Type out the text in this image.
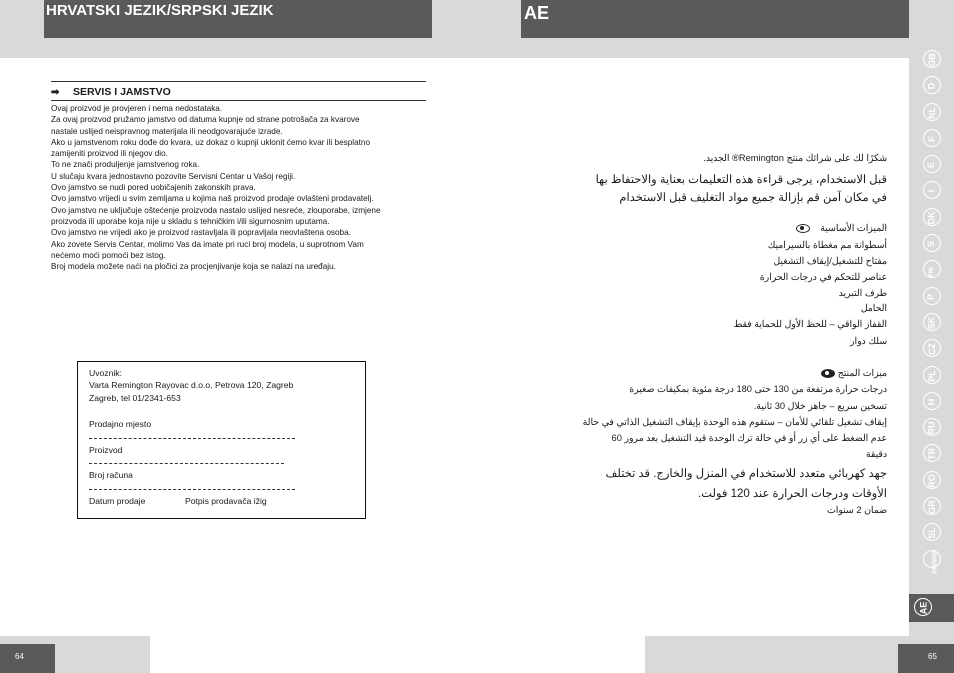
HRVATSKI JEZIK/SRPSKI JEZIK	AE
GB
D
NL
F
E
I
DK
S
FIN
P
SK
CZ
PL
H
RU
TR
RO
GR
SL
HR/SRB
AE
➡ SERVIS I JAMSTVO
Ovaj proizvod je provjeren i nema nedostataka.
Za ovaj proizvod pružamo jamstvo od datuma kupnje od strane potrošača za kvarove
nastale uslijed neispravnog materijala ili neodgovarajuće izrade.
Ako u jamstvenom roku dođe do kvara, uz dokaz o kupnji uklonit ćemo kvar ili besplatno
zamijeniti proizvod ili njegov dio.
To ne znači produljenje jamstvenog roka.
U slučaju kvara jednostavno pozovite Servisni Centar u Vašoj regiji.
Ovo jamstvo se nudi pored uobičajenih zakonskih prava.
Ovo jamstvo vrijedi u svim zemljama u kojima naš proizvod prodaje ovlašteni prodavatelj.
Ovo jamstvo ne uključuje oštećenje proizvoda nastalo uslijed nesreće, zlouporabe, izmjene
proizvoda ili uporabe koja nije u skladu s tehničkim i/ili sigurnosnim uputama.
Ovo jamstvo ne vrijedi ako je proizvod rastavljala ili popravljala neovlaštena osoba.
Ako zovete Servis Centar, molimo Vas da imate pri ruci broj modela, u suprotnom Vam
nećemo moći pomoći bez istog.
Broj modela možete naći na pločici za procjenjivanje koja se nalazi na uređaju.
Uvoznik:
Varta Remington Rayovac d.o.o, Petrova 120, Zagreb
Zagreb, tel 01/2341-653
Prodajno mjesto
Proizvod
Broj računa
Datum prodaje	Potpis prodavača ižig
64
شكرًا لك على شرائك منتج Remington® الجديد.
قبل الاستخدام، يرجى قراءة هذه التعليمات بعناية والاحتفاظ بها
في مكان آمن قم بإزالة جميع مواد التغليف قبل الاستخدام
الميزات الأساسية
أسطوانة مم مغطاة بالسيراميك
مفتاح للتشغيل/إيقاف التشغيل
عناصر للتحكم في درجات الحرارة
طرف التبريد
الحامل
القفاز الواقي – للحظ الأول للحماية فقط
سلك دوار
ميزات المنتج
درجات حرارة مرتفعة من 130 حتى 180 درجة مئوية بمكيفات صغيرة
تسخين سريع – جاهز خلال 30 ثانية.
إيقاف تشغيل تلقائي للأمان – ستقوم هذه الوحدة بإيقاف التشغيل الذاتي في حالة
عدم الضغط على أي زر أو في حالة ترك الوحدة قيد التشغيل بعد مرور 60
دقيقة
جهد كهربائي متعدد للاستخدام في المنزل والخارج. قد تختلف
الأوقات ودرجات الحرارة عند 120 فولت.
ضمان 2 سنوات
65
